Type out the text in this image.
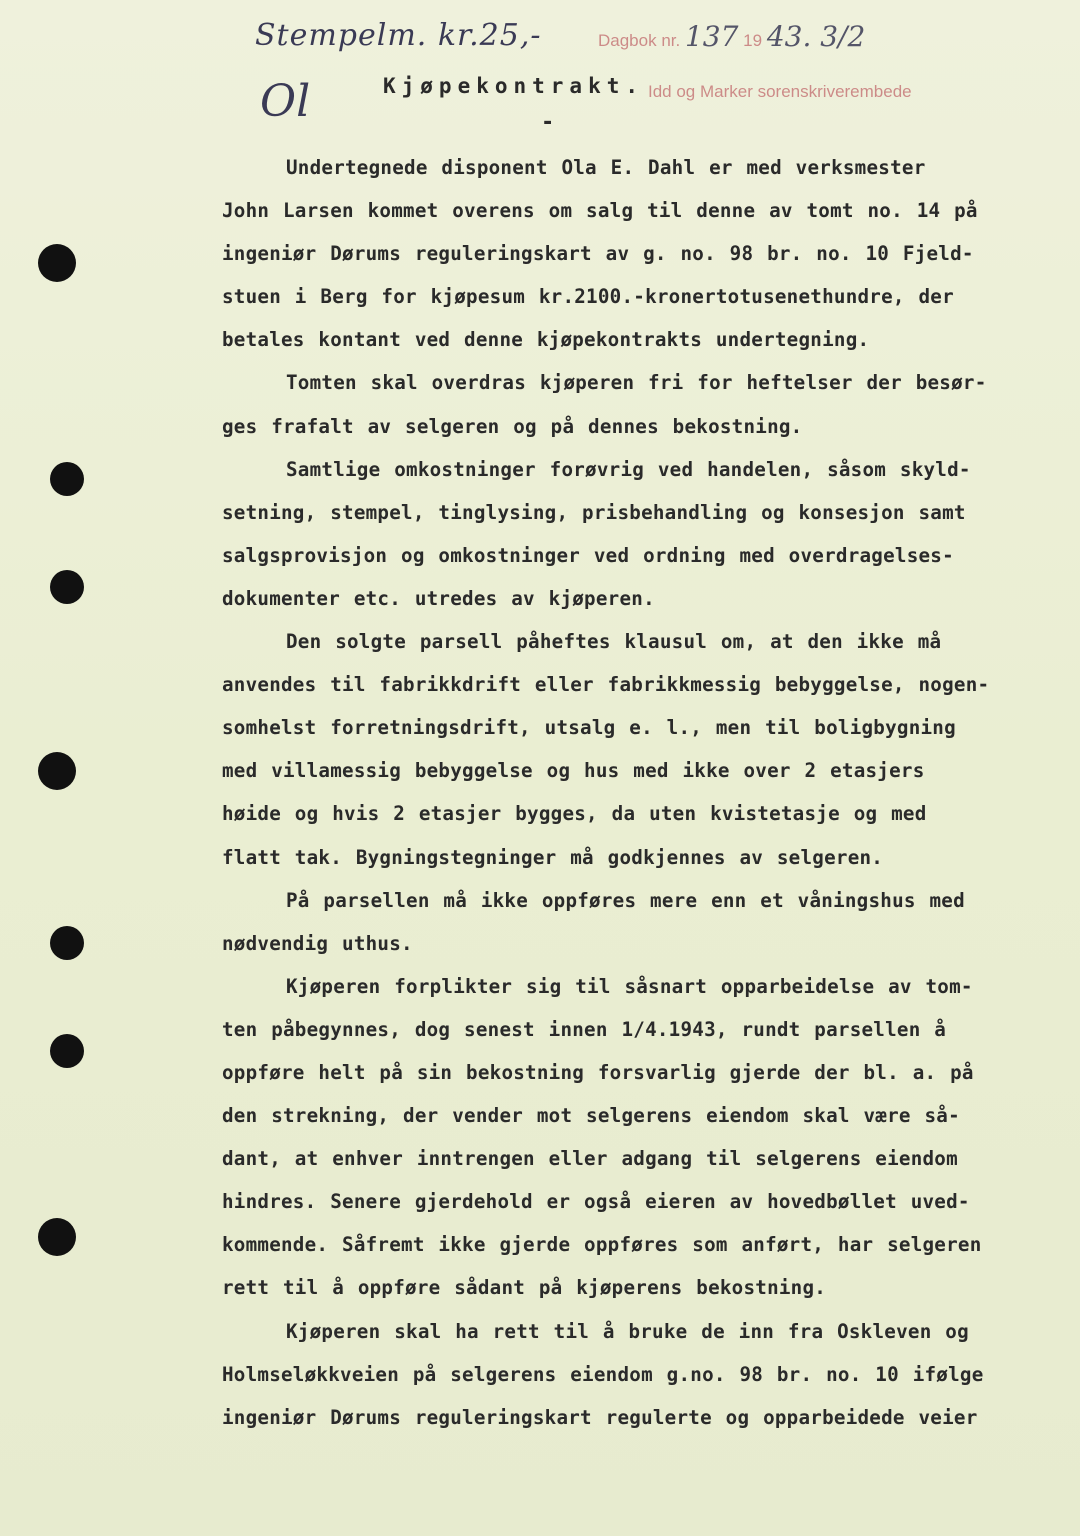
Stempelm. kr.25,-
Ol
Dagbok nr. 137 19 43. 3/2
Idd og Marker sorenskriverembede
Kjøpekontrakt.
-
Undertegnede disponent Ola E. Dahl er med verksmester
John Larsen kommet overens om salg til denne av tomt no. 14 på
ingeniør Dørums reguleringskart av g. no. 98 br. no. 10 Fjeld-
stuen i Berg for kjøpesum kr.2100.-kronertotusenethundre, der
betales kontant ved denne kjøpekontrakts undertegning.
Tomten skal overdras kjøperen fri for heftelser der besør-
ges frafalt av selgeren og på dennes bekostning.
Samtlige omkostninger forøvrig ved handelen, såsom skyld-
setning, stempel, tinglysing, prisbehandling og konsesjon samt
salgsprovisjon og omkostninger ved ordning med overdragelses-
dokumenter etc. utredes av kjøperen.
Den solgte parsell påheftes klausul om, at den ikke må
anvendes til fabrikkdrift eller fabrikkmessig bebyggelse, nogen-
somhelst forretningsdrift, utsalg e. l., men til boligbygning
med villamessig bebyggelse og hus med ikke over 2 etasjers
høide og hvis 2 etasjer bygges, da uten kvistetasje og med
flatt tak. Bygningstegninger må godkjennes av selgeren.
På parsellen må ikke oppføres mere enn et våningshus med
nødvendig uthus.
Kjøperen forplikter sig til såsnart opparbeidelse av tom-
ten påbegynnes, dog senest innen 1/4.1943, rundt parsellen å
oppføre helt på sin bekostning forsvarlig gjerde der bl. a. på
den strekning, der vender mot selgerens eiendom skal være så-
dant, at enhver inntrengen eller adgang til selgerens eiendom
hindres. Senere gjerdehold er også eieren av hovedbøllet uved-
kommende. Såfremt ikke gjerde oppføres som anført, har selgeren
rett til å oppføre sådant på kjøperens bekostning.
Kjøperen skal ha rett til å bruke de inn fra Oskleven og
Holmseløkkveien på selgerens eiendom g.no. 98 br. no. 10 ifølge
ingeniør Dørums reguleringskart regulerte og opparbeidede veier
